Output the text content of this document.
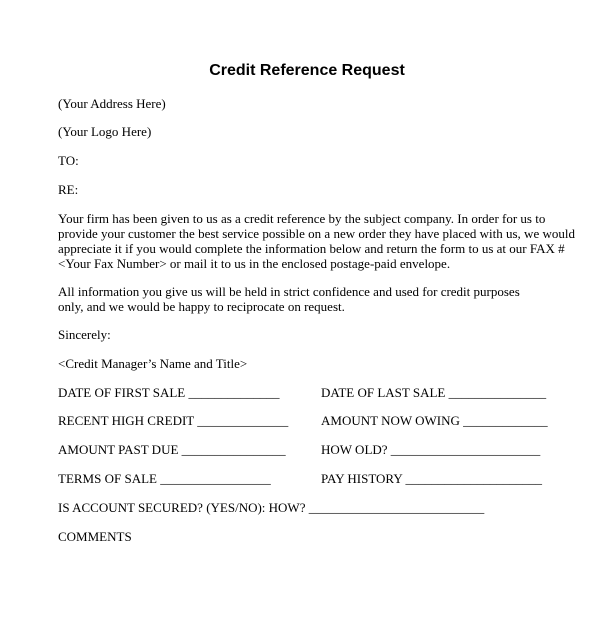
Credit Reference Request
(Your Address Here)
(Your Logo Here)
TO:
RE:
Your firm has been given to us as a credit reference by the subject company. In order for us to
provide your customer the best service possible on a new order they have placed with us, we would
appreciate it if you would complete the information below and return the form to us at our FAX #
<Your Fax Number> or mail it to us in the enclosed postage-paid envelope.
All information you give us will be held in strict confidence and used for credit purposes
only, and we would be happy to reciprocate on request.
Sincerely:
<Credit Manager’s Name and Title>
DATE OF FIRST SALE ______________	DATE OF LAST SALE _______________
RECENT HIGH CREDIT ______________	AMOUNT NOW OWING _____________
AMOUNT PAST DUE ________________	HOW OLD? _______________________
TERMS OF SALE _________________	PAY HISTORY _____________________
IS ACCOUNT SECURED? (YES/NO): HOW? ___________________________
COMMENTS
